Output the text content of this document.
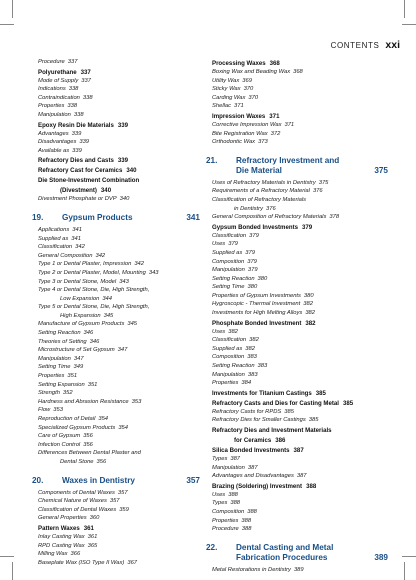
CONTENTS xxi
Procedure 337
Polyurethane 337
Mode of Supply 337
Indications 338
Contraindication 338
Properties 338
Manipulation 338
Epoxy Resin Die Materials 339
Advantages 339
Disadvantages 339
Available as 339
Refractory Dies and Casts 339
Refractory Cast for Ceramics 340
Die Stone-Investment Combination
(Divestment) 340
Divestment Phosphate or DVP 340
19. Gypsum Products	341
Applications 341
Supplied as 341
Classification 342
General Composition 342
Type 1 or Dental Plaster, Impression 342
Type 2 or Dental Plaster, Model, Mounting 343
Type 3 or Dental Stone, Model 343
Type 4 or Dental Stone, Die, High Strength,
Low Expansion 344
Type 5 or Dental Stone, Die, High Strength,
High Expansion 345
Manufacture of Gypsum Products 345
Setting Reaction 346
Theories of Setting 346
Microstructure of Set Gypsum 347
Manipulation 347
Setting Time 349
Properties 351
Setting Expansion 351
Strength 352
Hardness and Abrasion Resistance 353
Flow 353
Reproduction of Detail 354
Specialized Gypsum Products 354
Care of Gypsum 356
Infection Control 356
Differences Between Dental Plaster and
Dental Stone 356
20. Waxes in Dentistry	357
Components of Dental Waxes 357
Chemical Nature of Waxes 357
Classification of Dental Waxes 359
General Properties 360
Pattern Waxes 361
Inlay Casting Wax 361
RPD Casting Wax 365
Milling Wax 366
Baseplate Wax (ISO Type II Wax) 367
Processing Waxes 368
Boxing Wax and Beading Wax 368
Utility Wax 369
Sticky Wax 370
Carding Wax 370
Shellac 371
Impression Waxes 371
Corrective Impression Wax 371
Bite Registration Wax 372
Orthodontic Wax 373
21. Refractory Investment and
Die Material	375
Uses of Refractory Materials in Dentistry 375
Requirements of a Refractory Material 376
Classification of Refractory Materials
in Dentistry 376
General Composition of Refractory Materials 378
Gypsum Bonded Investments 379
Classification 379
Uses 379
Supplied as 379
Composition 379
Manipulation 379
Setting Reaction 380
Setting Time 380
Properties of Gypsum Investments 380
Hygroscopic - Thermal Investment 382
Investments for High Melting Alloys 382
Phosphate Bonded Investment 382
Uses 382
Classification 382
Supplied as 382
Composition 383
Setting Reaction 383
Manipulation 383
Properties 384
Investments for Titanium Castings 385
Refractory Casts and Dies for Casting Metal 385
Refractory Casts for RPDS 385
Refractory Dies for Smaller Castings 385
Refractory Dies and Investment Materials
for Ceramics 386
Silica Bonded Investments 387
Types 387
Manipulation 387
Advantages and Disadvantages 387
Brazing (Soldering) Investment 388
Uses 388
Types 388
Composition 388
Properties 388
Procedure 388
22. Dental Casting and Metal
Fabrication Procedures	389
Metal Restorations in Dentistry 389
